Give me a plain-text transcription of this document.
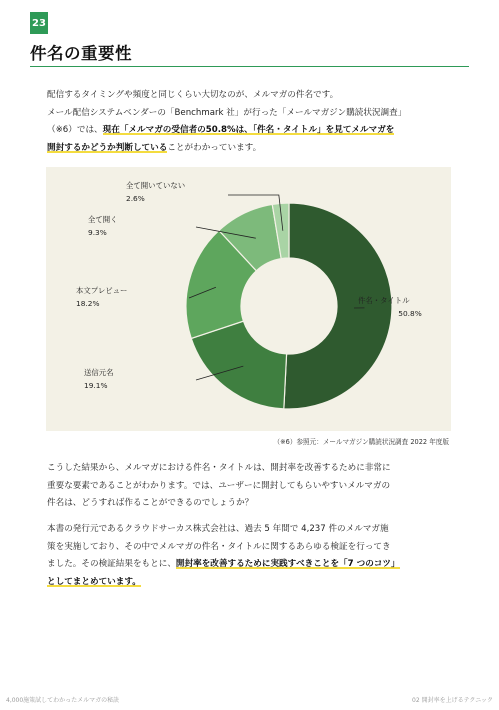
23
件名の重要性

配信するタイミングや頻度と同じくらい大切なのが、メルマガの件名です。
メール配信システムベンダーの「Benchmark 社」が行った「メールマガジン購読状況調査」
（※6）では、現在「メルマガの受信者の50.8%は、「件名・タイトル」を見てメルマガを
開封するかどうか判断していることがわかっています。

件名・タイトル
50.8%
送信元名
19.1%
本文プレビュー
18.2%
全て開く
9.3%
全て開いていない
2.6%

（※6）参照元：メールマガジン購読状況調査 2022 年度版

こうした結果から、メルマガにおける件名・タイトルは、開封率を改善するために非常に
重要な要素であることがわかります。では、ユーザーに開封してもらいやすいメルマガの
件名は、どうすれば作ることができるのでしょうか？

本書の発行元であるクラウドサーカス株式会社は、過去 5 年間で 4,237 件のメルマガ施
策を実施しており、その中でメルマガの件名・タイトルに関するあらゆる検証を行ってき
ました。その検証結果をもとに、開封率を改善するために実践すべきことを「7 つのコツ」
としてまとめています。

4,000施策試してわかったメルマガの秘訣	02 開封率を上げるテクニック
